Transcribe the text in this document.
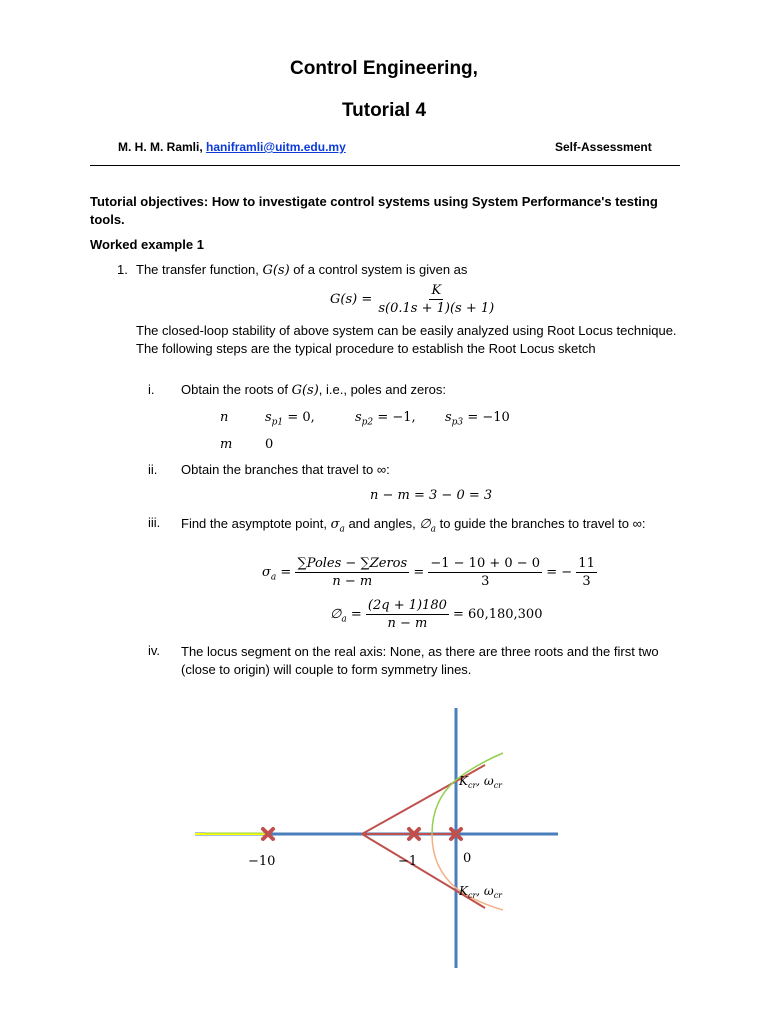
Control Engineering,
Tutorial 4
M. H. M. Ramli, haniframli@uitm.edu.my	Self-Assessment
Tutorial objectives: How to investigate control systems using System Performance's testing tools.
Worked example 1
1. The transfer function, G(s) of a control system is given as
$G(s) = \frac{K}{s(0.1s + 1)(s + 1)}$
The closed-loop stability of above system can be easily analyzed using Root Locus technique. The following steps are the typical procedure to establish the Root Locus sketch
i. Obtain the roots of G(s), i.e., poles and zeros:
n	$s_{p1} = 0$,	$s_{p2} = -1$, $s_{p3} = -10$
m	0
ii. Obtain the branches that travel to ∞:
n − m = 3 − 0 = 3
iii. Find the asymptote point, $\sigma_a$ and angles, $\emptyset_a$ to guide the branches to travel to ∞:
$\sigma_a = \frac{\text{∑Poles − ∑Zeros}}{n - m} = \frac{-1 - 10 + 0 - 0}{3}$ = − $\frac{11}{3}$
$\emptyset_a = \frac{(2q + 1)180}{n - m} = 60,180,300$
iv. The locus segment on the real axis: None, as there are three roots and the first two (close to origin) will couple to form symmetry lines.
−10	−1	0
$K_{cr}$, $\omega_{cr}$
$K_{cr}$, $\omega_{cr}$
